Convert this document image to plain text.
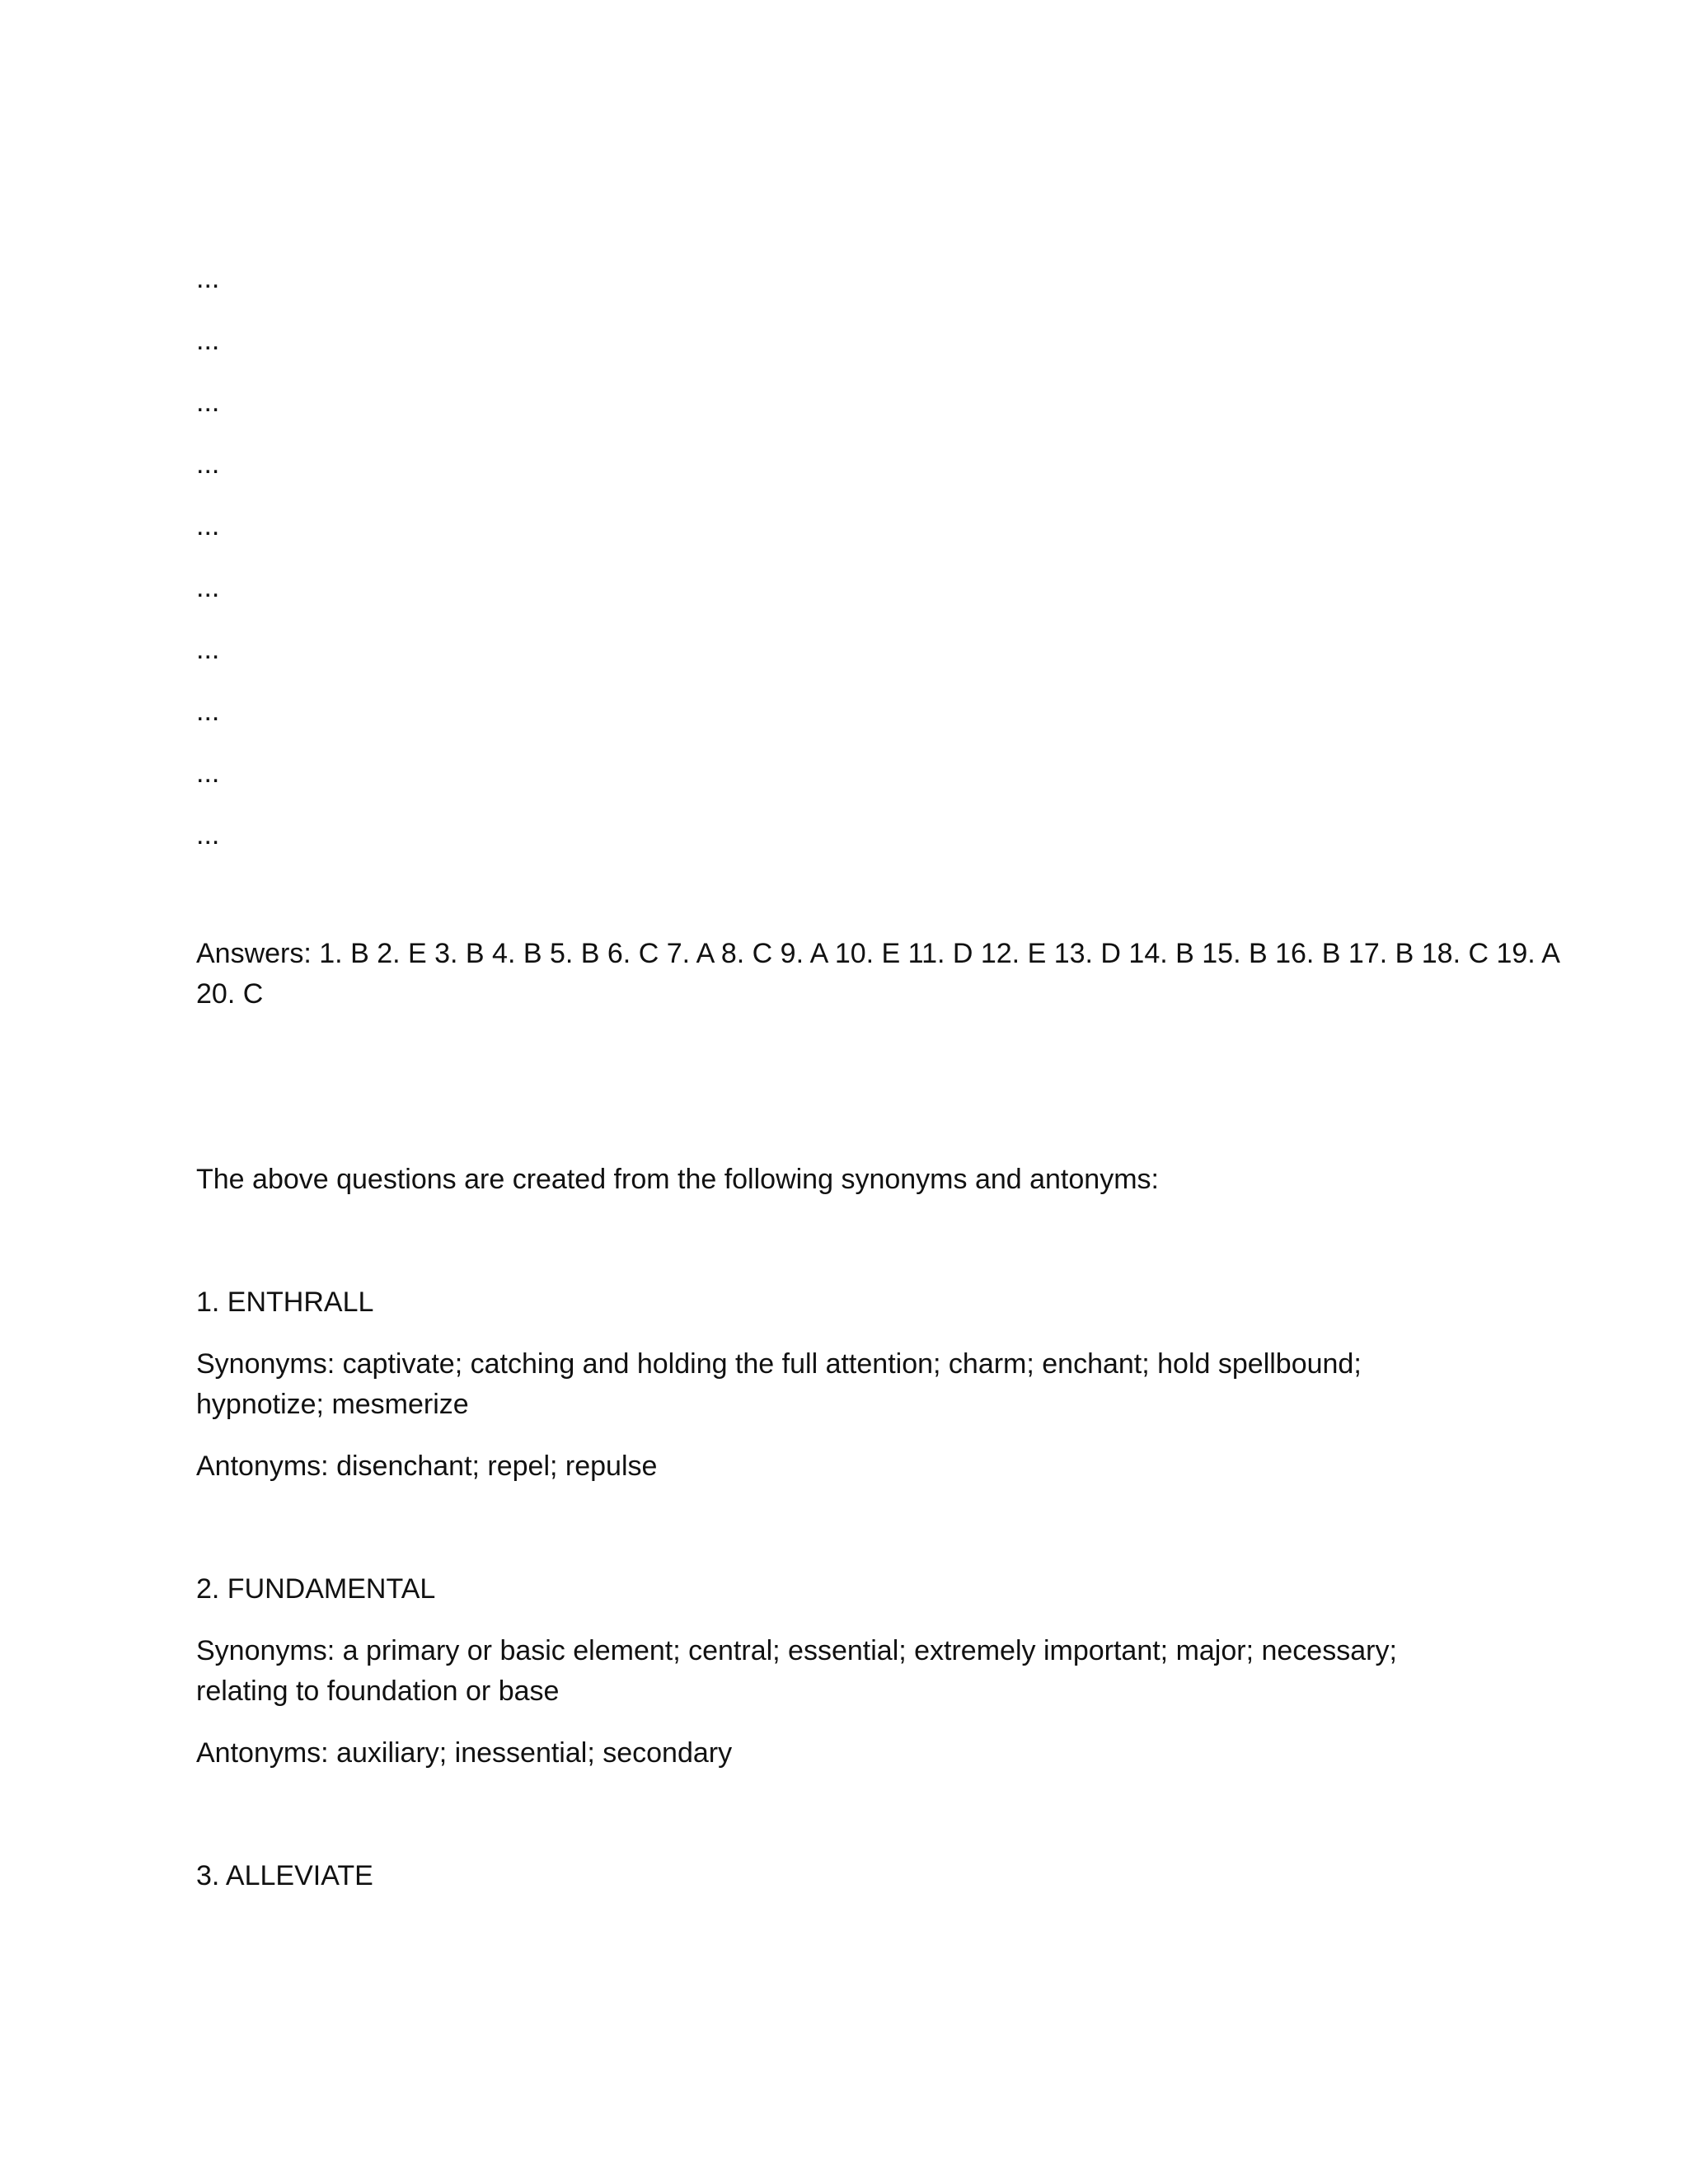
...
...
...
...
...
...
...
...
...
...
Answers: 1. B 2. E 3. B 4. B 5. B 6. C 7. A 8. C 9. A 10. E 11. D 12. E 13. D 14. B 15. B 16. B 17. B 18. C 19. A
20. C
The above questions are created from the following synonyms and antonyms:
1. ENTHRALL
Synonyms: captivate; catching and holding the full attention; charm; enchant; hold spellbound;
hypnotize; mesmerize
Antonyms: disenchant; repel; repulse
2. FUNDAMENTAL
Synonyms: a primary or basic element; central; essential; extremely important; major; necessary;
relating to foundation or base
Antonyms: auxiliary; inessential; secondary
3. ALLEVIATE
